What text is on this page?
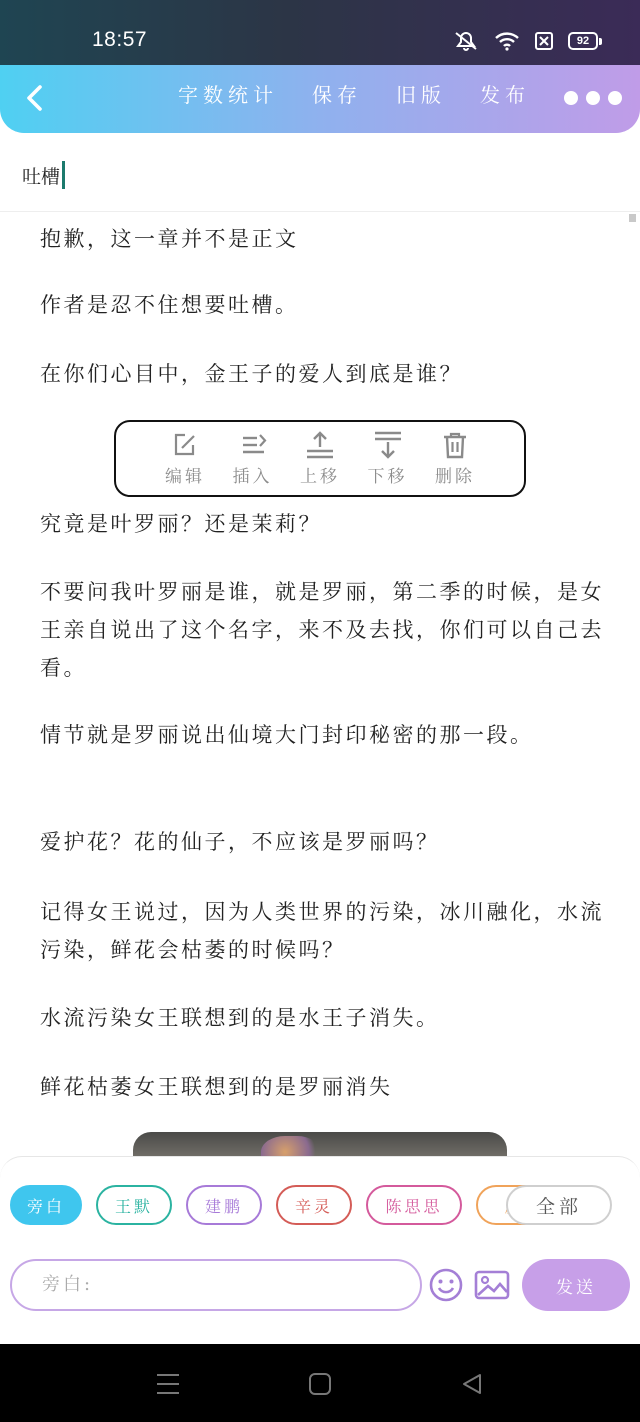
18:57	92
字数统计 保存 旧版 发布
吐槽
抱歉，这一章并不是正文
作者是忍不住想要吐槽。
在你们心目中，金王子的爱人到底是谁？
究竟是叶罗丽？还是茉莉？
不要问我叶罗丽是谁，就是罗丽，第二季的时候，是女王亲自说出了这个名字，来不及去找，你们可以自己去看。
情节就是罗丽说出仙境大门封印秘密的那一段。
爱护花？花的仙子，不应该是罗丽吗？
记得女王说过，因为人类世界的污染，冰川融化，水流污染，鲜花会枯萎的时候吗？
水流污染女王联想到的是水王子消失。
鲜花枯萎女王联想到的是罗丽消失
编辑 插入 上移 下移 删除
旁白	王默	建鹏	辛灵	陈思思	全部
旁白:	发送
